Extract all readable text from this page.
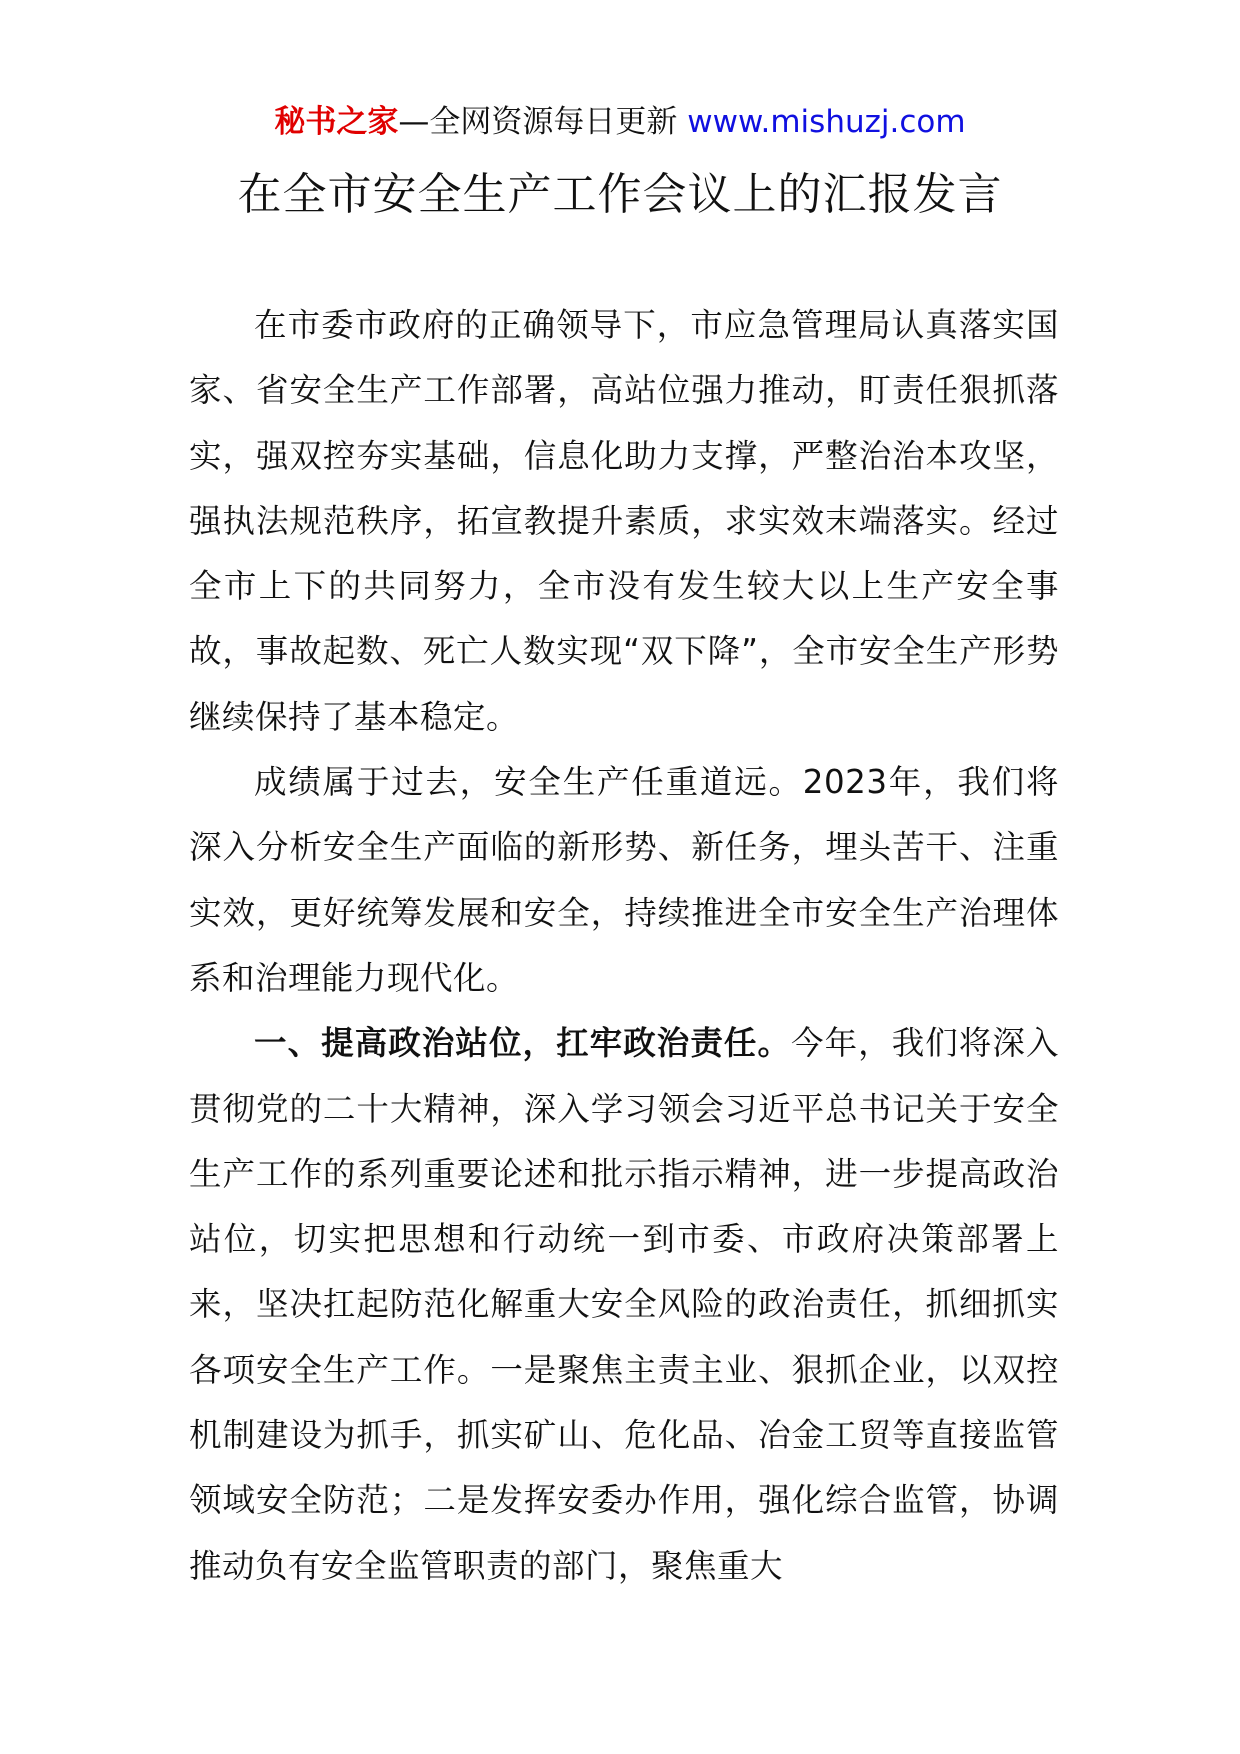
秘书之家—全网资源每日更新 www.mishuzj.com
在全市安全生产工作会议上的汇报发言

在市委市政府的正确领导下，市应急管理局认真落实国家、省安全生产工作部署，高站位强力推动，盯责任狠抓落实，强双控夯实基础，信息化助力支撑，严整治治本攻坚，强执法规范秩序，拓宣教提升素质，求实效末端落实。经过全市上下的共同努力，全市没有发生较大以上生产安全事故，事故起数、死亡人数实现“双下降”，全市安全生产形势继续保持了基本稳定。

成绩属于过去，安全生产任重道远。2023年，我们将深入分析安全生产面临的新形势、新任务，埋头苦干、注重实效，更好统筹发展和安全，持续推进全市安全生产治理体系和治理能力现代化。

一、提高政治站位，扛牢政治责任。今年，我们将深入贯彻党的二十大精神，深入学习领会习近平总书记关于安全生产工作的系列重要论述和批示指示精神，进一步提高政治站位，切实把思想和行动统一到市委、市政府决策部署上来，坚决扛起防范化解重大安全风险的政治责任，抓细抓实各项安全生产工作。一是聚焦主责主业、狠抓企业，以双控机制建设为抓手，抓实矿山、危化品、冶金工贸等直接监管领域安全防范；二是发挥安委办作用，强化综合监管，协调推动负有安全监管职责的部门，聚焦重大
